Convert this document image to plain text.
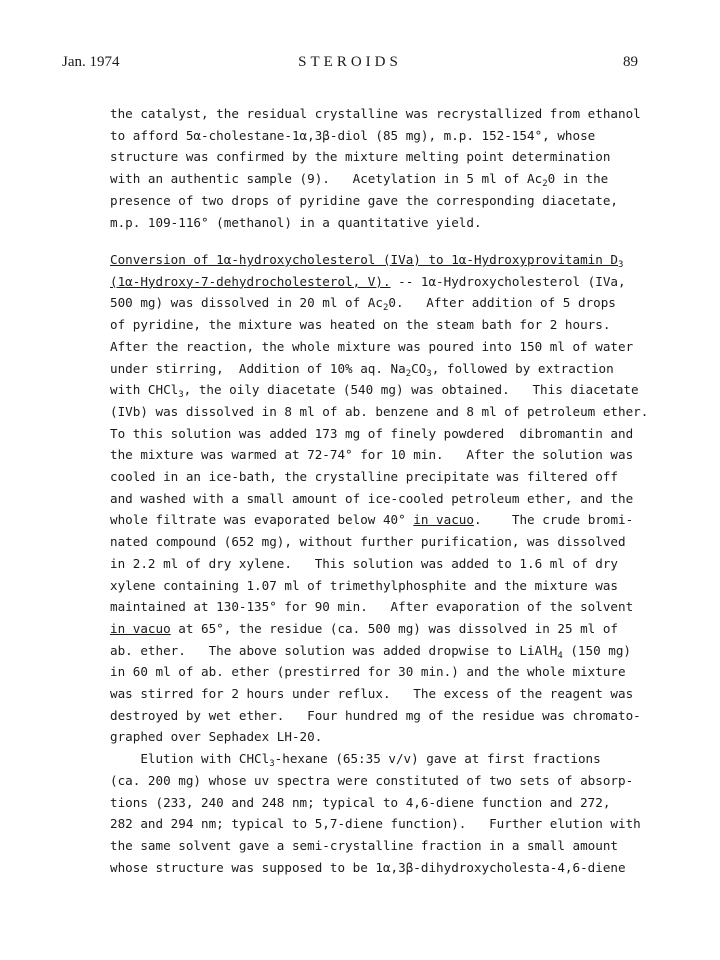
Jan. 1974	STEROIDS	89
the catalyst, the residual crystalline was recrystallized from ethanol
to afford 5α-cholestane-1α,3β-diol (85 mg), m.p. 152-154°, whose
structure was confirmed by the mixture melting point determination
with an authentic sample (9).   Acetylation in 5 ml of $Ac_20$ in the
presence of two drops of pyridine gave the corresponding diacetate,
m.p. 109-116° (methanol) in a quantitative yield.
Conversion of 1α-hydroxycholesterol (IVa) to 1α-Hydroxyprovitamin $D_3$
(1α-Hydroxy-7-dehydrocholesterol, V). -- 1α-Hydroxycholesterol (IVa,
500 mg) was dissolved in 20 ml of $Ac_20$.   After addition of 5 drops
of pyridine, the mixture was heated on the steam bath for 2 hours.
After the reaction, the whole mixture was poured into 150 ml of water
under stirring,  Addition of 10% aq. $Na_2CO_3$, followed by extraction
with CHCl$_3$, the oily diacetate (540 mg) was obtained.   This diacetate
(IVb) was dissolved in 8 ml of ab. benzene and 8 ml of petroleum ether.
To this solution was added 173 mg of finely powdered  dibromantin and
the mixture was warmed at 72-74° for 10 min.   After the solution was
cooled in an ice-bath, the crystalline precipitate was filtered off
and washed with a small amount of ice-cooled petroleum ether, and the
whole filtrate was evaporated below 40° in vacuo.    The crude bromi-
nated compound (652 mg), without further purification, was dissolved
in 2.2 ml of dry xylene.   This solution was added to 1.6 ml of dry
xylene containing 1.07 ml of trimethylphosphite and the mixture was
maintained at 130-135° for 90 min.   After evaporation of the solvent
in vacuo at 65°, the residue (ca. 500 mg) was dissolved in 25 ml of
ab. ether.   The above solution was added dropwise to LiAlH$_4$ (150 mg)
in 60 ml of ab. ether (prestirred for 30 min.) and the whole mixture
was stirred for 2 hours under reflux.   The excess of the reagent was
destroyed by wet ether.   Four hundred mg of the residue was chromato-
graphed over Sephadex LH-20.
Elution with CHCl$_3$-hexane (65:35 v/v) gave at first fractions
(ca. 200 mg) whose uv spectra were constituted of two sets of absorp-
tions (233, 240 and 248 nm; typical to 4,6-diene function and 272,
282 and 294 nm; typical to 5,7-diene function).   Further elution with
the same solvent gave a semi-crystalline fraction in a small amount
whose structure was supposed to be 1α,3β-dihydroxycholesta-4,6-diene
